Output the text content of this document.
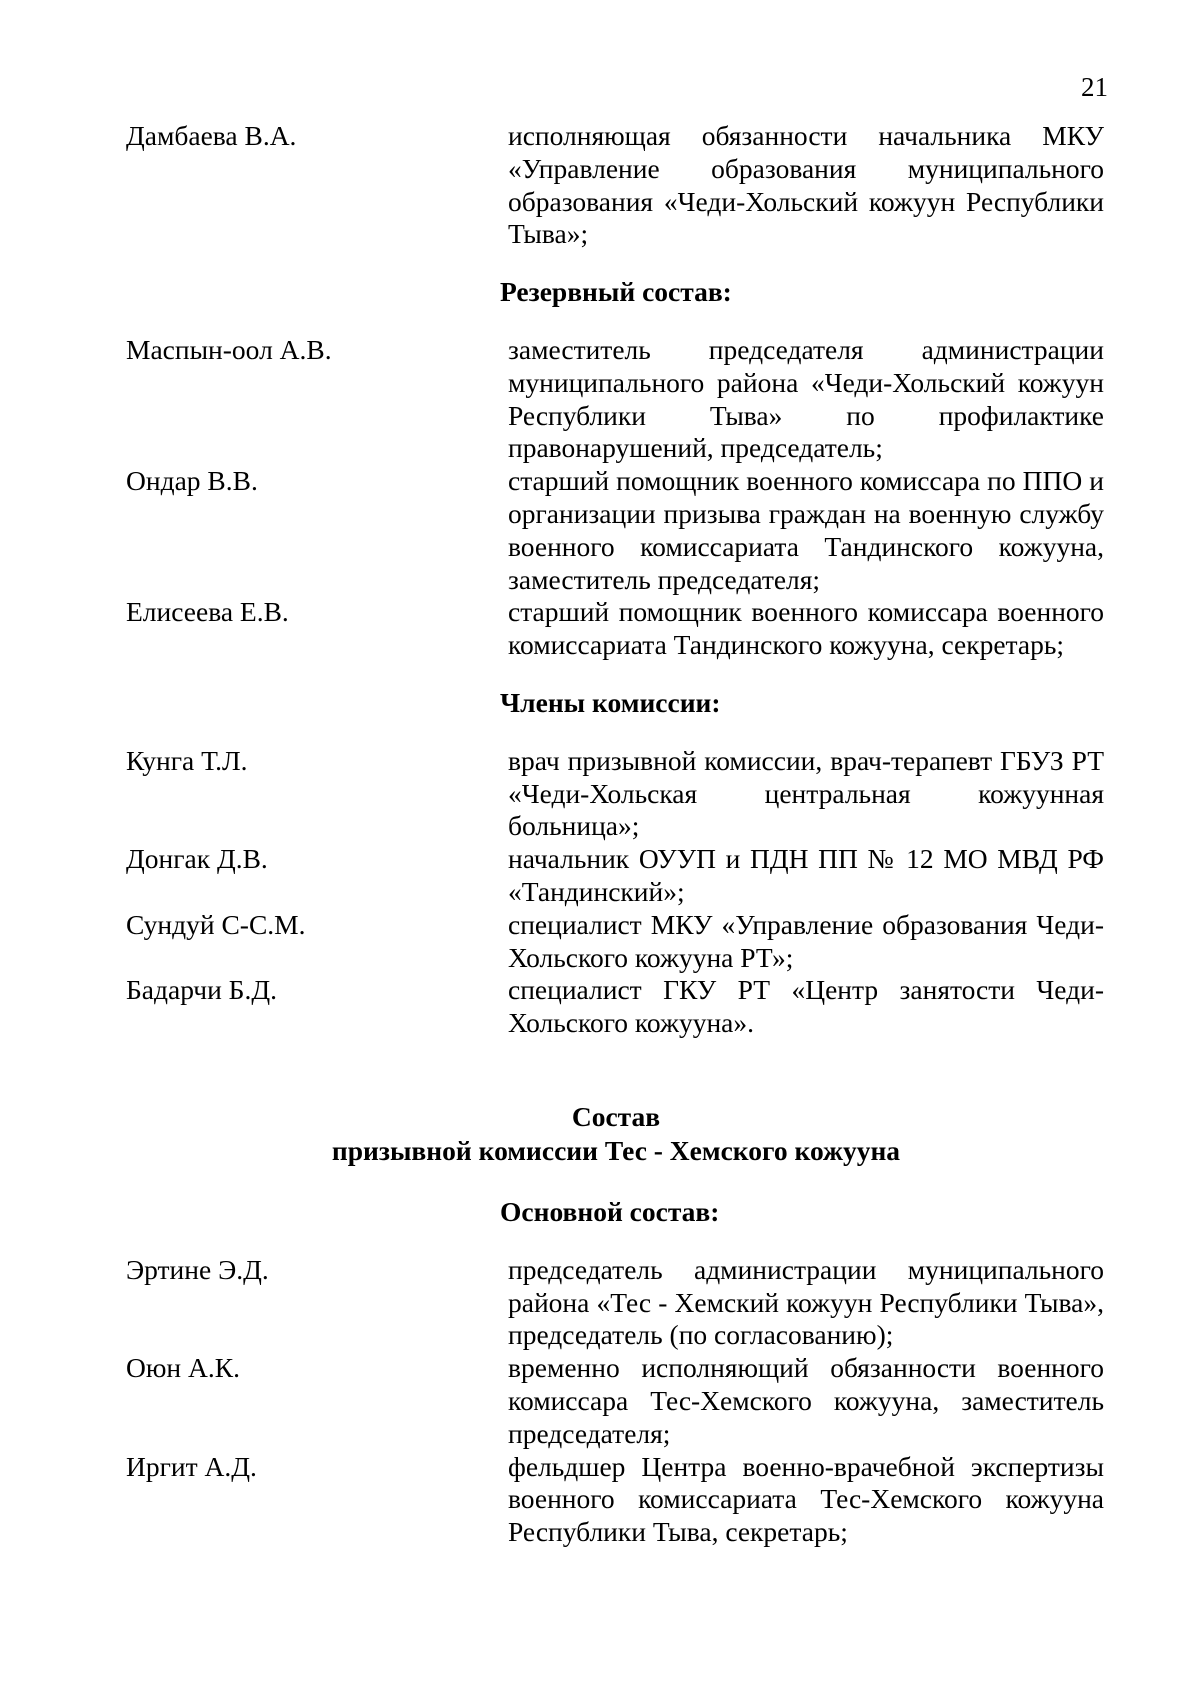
21
Дамбаева В.А.	исполняющая обязанности начальника МКУ «Управление образования муниципального образования «Чеди-Хольский кожуун Республики Тыва»;
Резервный состав:
Маспын-оол А.В.	заместитель председателя администрации муниципального района «Чеди-Хольский кожуун Республики Тыва» по профилактике правонарушений, председатель;
Ондар В.В.	старший помощник военного комиссара по ППО и организации призыва граждан на военную службу военного комиссариата Тандинского кожууна, заместитель председателя;
Елисеева Е.В.	старший помощник военного комиссара военного комиссариата Тандинского кожууна, секретарь;
Члены комиссии:
Кунга Т.Л.	врач призывной комиссии, врач-терапевт ГБУЗ РТ «Чеди-Хольская центральная кожуунная больница»;
Донгак Д.В.	начальник ОУУП и ПДН ПП № 12 МО МВД РФ «Тандинский»;
Сундуй С-С.М.	специалист МКУ «Управление образования Чеди-Хольского кожууна РТ»;
Бадарчи Б.Д.	специалист ГКУ РТ «Центр занятости Чеди-Хольского кожууна».
Состав
призывной комиссии Тес - Хемского кожууна
Основной состав:
Эртине Э.Д.	председатель администрации муниципального района «Тес - Хемский кожуун Республики Тыва», председатель (по согласованию);
Оюн А.К.	временно исполняющий обязанности военного комиссара Тес-Хемского кожууна, заместитель председателя;
Иргит А.Д.	фельдшер Центра военно-врачебной экспертизы военного комиссариата Тес-Хемского кожууна Республики Тыва, секретарь;
